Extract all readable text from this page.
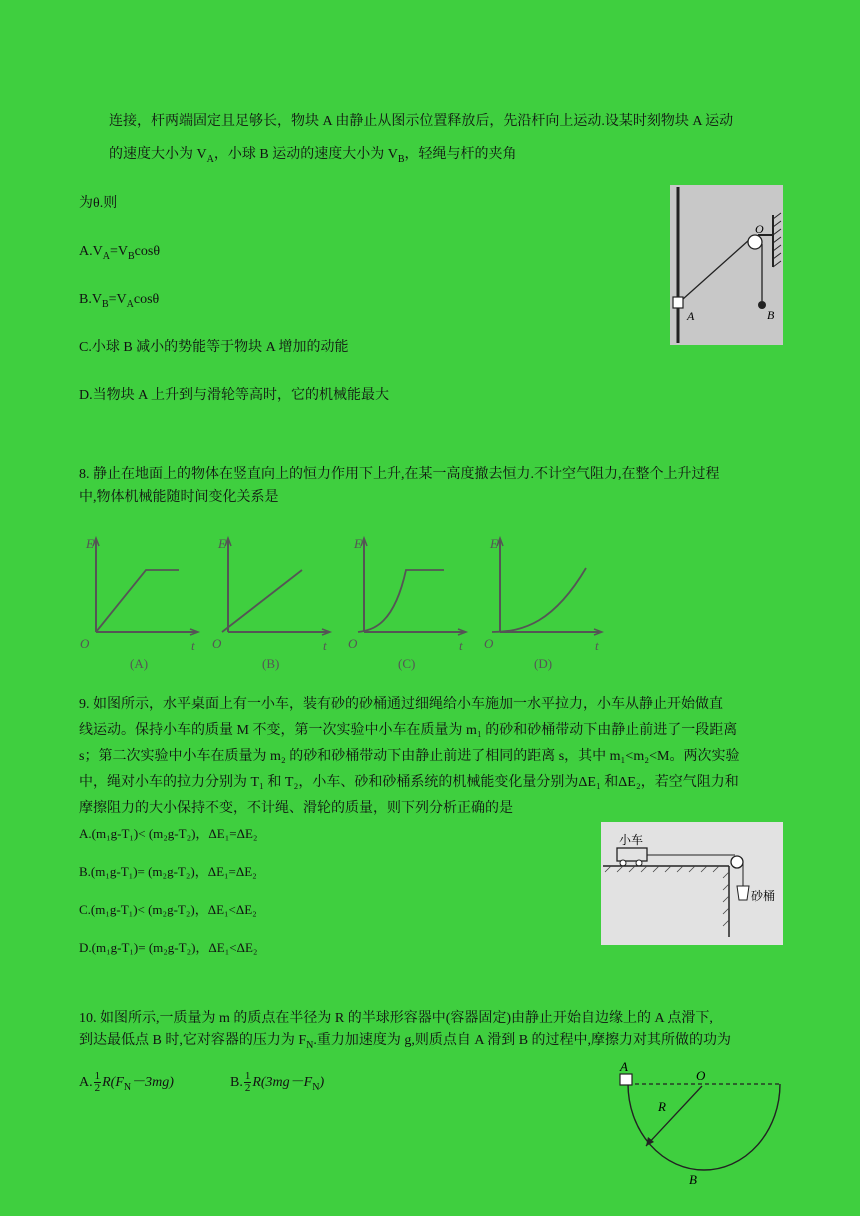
连接，杆两端固定且足够长，物块 A 由静止从图示位置释放后，先沿杆向上运动.设某时刻物块 A 运动
的速度大小为 $V_A$，小球 B 运动的速度大小为 $V_B$，轻绳与杆的夹角
为θ.则
$A.V_A=V_B\cos\theta$
$B.V_B=V_A\cos\theta$
C.小球 B 减小的势能等于物块 A 增加的动能
D.当物块 A 上升到与滑轮等高时，它的机械能最大
O
A	B
8. 静止在地面上的物体在竖直向上的恒力作用下上升,在某一高度撤去恒力.不计空气阻力,在整个上升过程
中,物体机械能随时间变化关系是
E
O	t
(A)
E
O	t
(B)
E
O	t
(C)
E
O	t
(D)
9. 如图所示，水平桌面上有一小车，装有砂的砂桶通过细绳给小车施加一水平拉力，小车从静止开始做直
线运动。保持小车的质量 M 不变，第一次实验中小车在质量为 m₁ 的砂和砂桶带动下由静止前进了一段距离
s；第二次实验中小车在质量为 m₂ 的砂和砂桶带动下由静止前进了相同的距离 s，其中 m₁<m₂<M。两次实验
中，绳对小车的拉力分别为 T₁ 和 T₂，小车、砂和砂桶系统的机械能变化量分别为ΔE₁ 和ΔE₂，若空气阻力和
摩擦阻力的大小保持不变，不计绳、滑轮的质量，则下列分析正确的是
A.(m₁g-T₁)< (m₂g-T₂)，ΔE₁=ΔE₂
B.(m₁g-T₁)= (m₂g-T₂)，ΔE₁=ΔE₂
C.(m₁g-T₁)< (m₂g-T₂)，ΔE₁<ΔE₂
D.(m₁g-T₁)= (m₂g-T₂)，ΔE₁<ΔE₂
小车
砂桶
10. 如图所示,一质量为 m 的质点在半径为 R 的半球形容器中(容器固定)由静止开始自边缘上的 A 点滑下,
到达最低点 B 时,它对容器的压力为 $F_N$.重力加速度为 g,则质点自 A 滑到 B 的过程中,摩擦力对其所做的功为
A. $\frac{1}{2} R(F_N-3mg)$	B. $\frac{1}{2} R(3mg-F_N)$
A
O
R
B
